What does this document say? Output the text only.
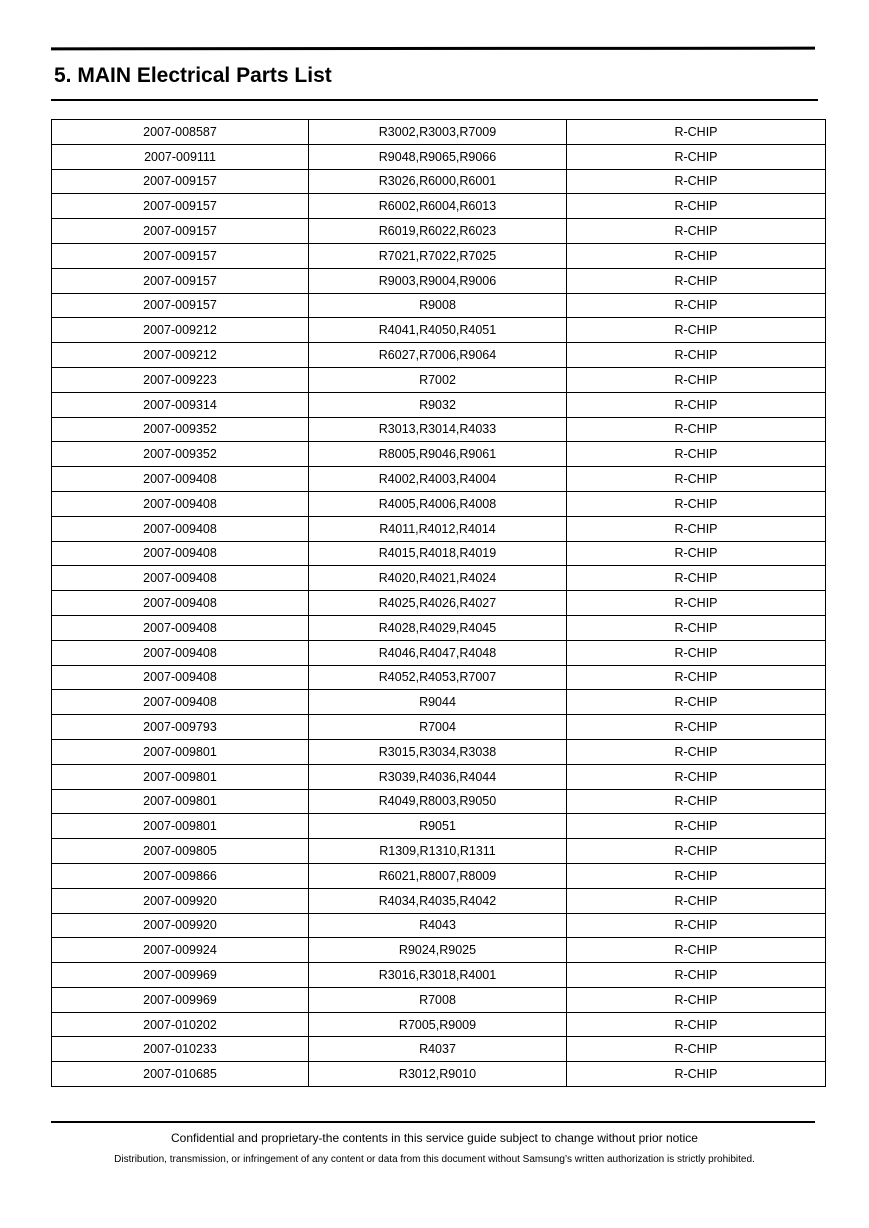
5. MAIN Electrical Parts List
2007-008587	R3002,R3003,R7009	R-CHIP
2007-009111	R9048,R9065,R9066	R-CHIP
2007-009157	R3026,R6000,R6001	R-CHIP
2007-009157	R6002,R6004,R6013	R-CHIP
2007-009157	R6019,R6022,R6023	R-CHIP
2007-009157	R7021,R7022,R7025	R-CHIP
2007-009157	R9003,R9004,R9006	R-CHIP
2007-009157	R9008	R-CHIP
2007-009212	R4041,R4050,R4051	R-CHIP
2007-009212	R6027,R7006,R9064	R-CHIP
2007-009223	R7002	R-CHIP
2007-009314	R9032	R-CHIP
2007-009352	R3013,R3014,R4033	R-CHIP
2007-009352	R8005,R9046,R9061	R-CHIP
2007-009408	R4002,R4003,R4004	R-CHIP
2007-009408	R4005,R4006,R4008	R-CHIP
2007-009408	R4011,R4012,R4014	R-CHIP
2007-009408	R4015,R4018,R4019	R-CHIP
2007-009408	R4020,R4021,R4024	R-CHIP
2007-009408	R4025,R4026,R4027	R-CHIP
2007-009408	R4028,R4029,R4045	R-CHIP
2007-009408	R4046,R4047,R4048	R-CHIP
2007-009408	R4052,R4053,R7007	R-CHIP
2007-009408	R9044	R-CHIP
2007-009793	R7004	R-CHIP
2007-009801	R3015,R3034,R3038	R-CHIP
2007-009801	R3039,R4036,R4044	R-CHIP
2007-009801	R4049,R8003,R9050	R-CHIP
2007-009801	R9051	R-CHIP
2007-009805	R1309,R1310,R1311	R-CHIP
2007-009866	R6021,R8007,R8009	R-CHIP
2007-009920	R4034,R4035,R4042	R-CHIP
2007-009920	R4043	R-CHIP
2007-009924	R9024,R9025	R-CHIP
2007-009969	R3016,R3018,R4001	R-CHIP
2007-009969	R7008	R-CHIP
2007-010202	R7005,R9009	R-CHIP
2007-010233	R4037	R-CHIP
2007-010685	R3012,R9010	R-CHIP
Confidential and proprietary-the contents in this service guide subject to change without prior notice
Distribution, transmission, or infringement of any content or data from this document without Samsung’s written authorization is strictly prohibited.
